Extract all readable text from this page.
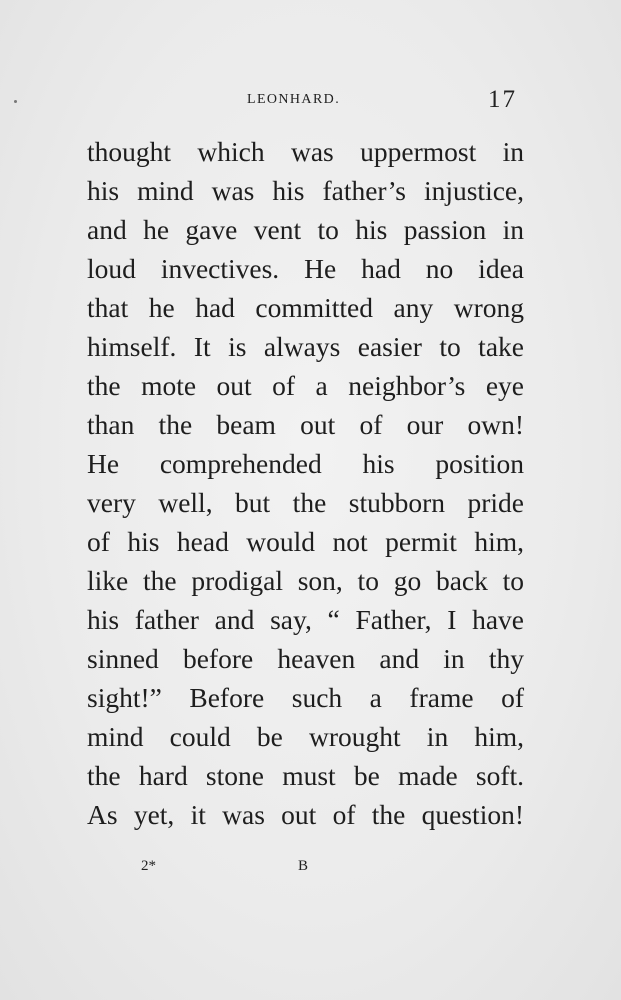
LEONHARD.	17
thought which was uppermost in
his mind was his father’s injustice,
and he gave vent to his passion in
loud invectives. He had no idea
that he had committed any wrong
himself. It is always easier to take
the mote out of a neighbor’s eye
than the beam out of our own!
He comprehended his position
very well, but the stubborn pride
of his head would not permit him,
like the prodigal son, to go back to
his father and say, “ Father, I have
sinned before heaven and in thy
sight!” Before such a frame of
mind could be wrought in him,
the hard stone must be made soft.
As yet, it was out of the question!
2*	B
